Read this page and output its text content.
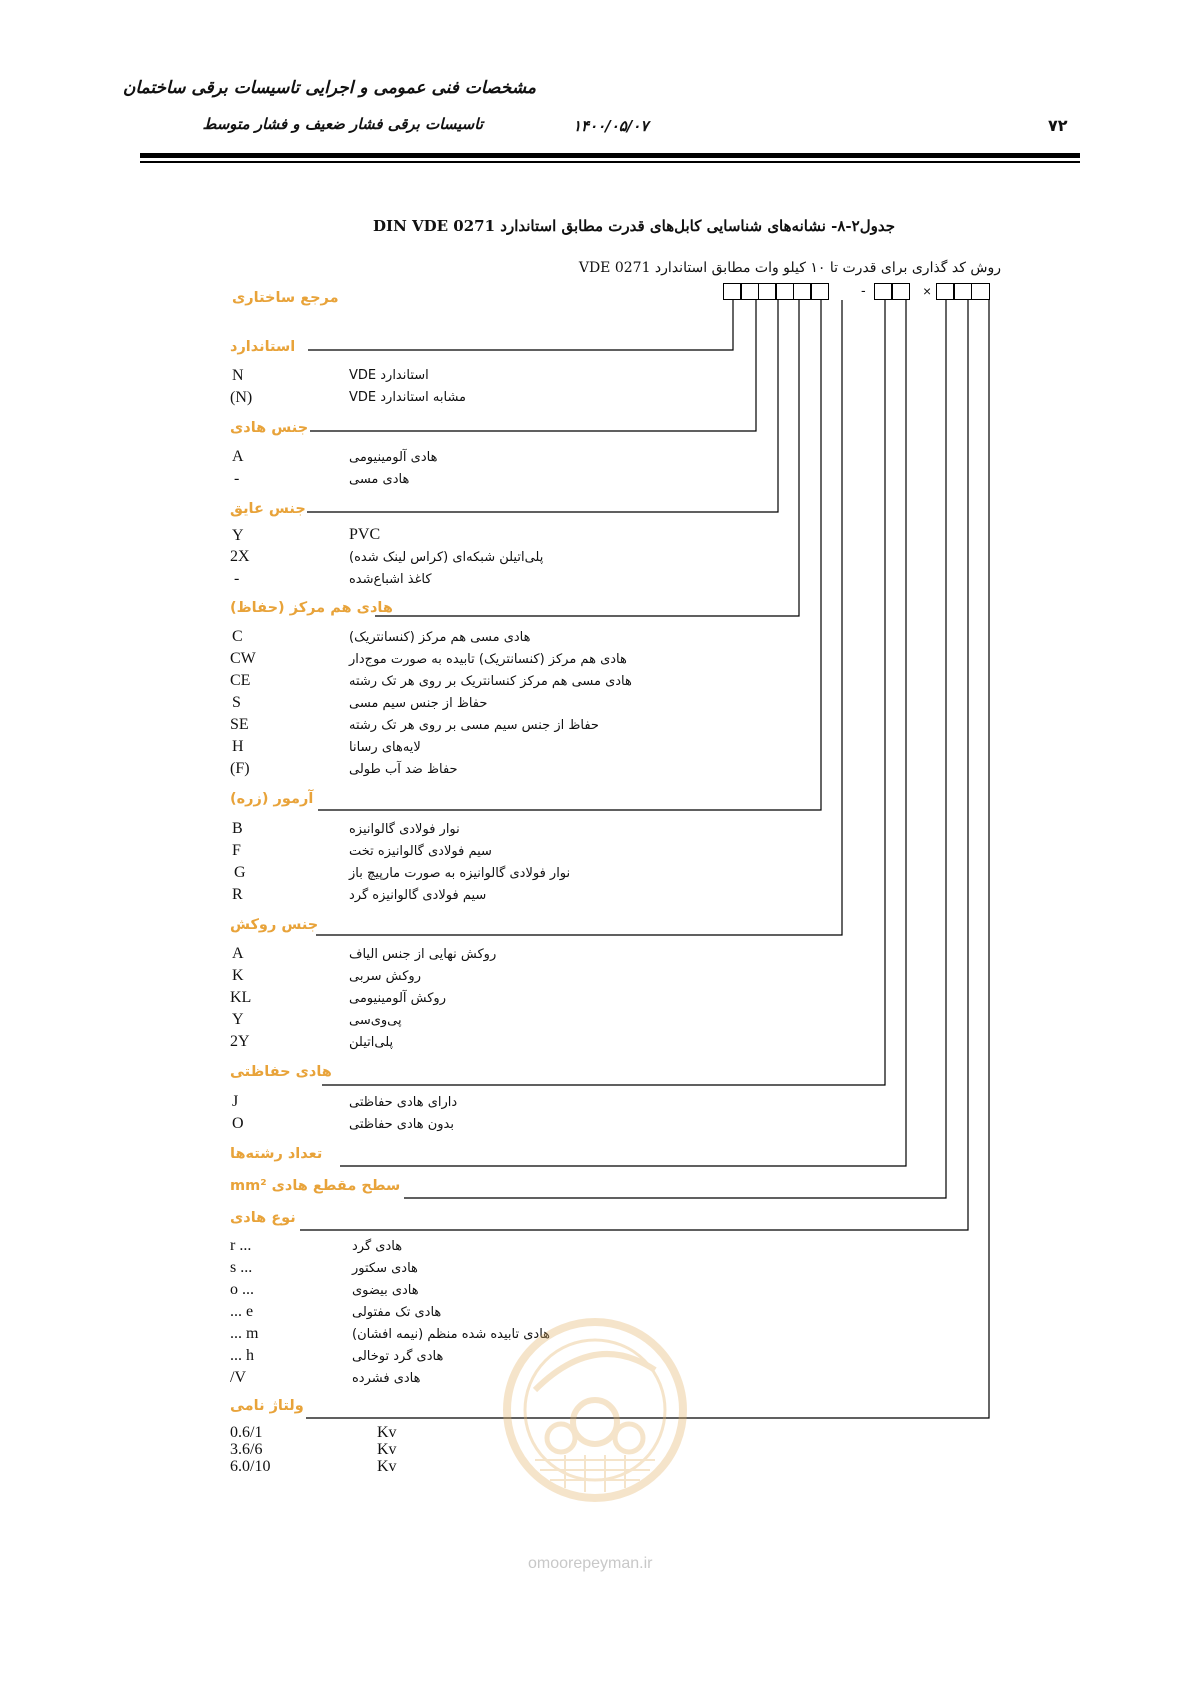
مشخصات فنی عمومی و اجرایی تاسیسات برقی ساختمان
تاسیسات برقی فشار ضعیف و فشار متوسط	۱۴۰۰/۰۵/۰۷	۷۲
جدول۲-۸- نشانه‌های شناسایی کابل‌های قدرت مطابق استاندارد DIN VDE 0271
روش کد گذاری برای قدرت تا ۱۰ کیلو وات مطابق استاندارد VDE 0271
-	×
مرجع ساختاری
استاندارد
N	استاندارد VDE
(N)	مشابه استاندارد VDE
جنس هادی
A	هادی آلومینیومی
-	هادی مسی
جنس عایق
Y	PVC
2X	پلی‌اتیلن شبکه‌ای (کراس لینک شده)
-	کاغذ اشباع‌شده
هادی هم مرکز (حفاظ)
C	هادی مسی هم مرکز (کنسانتریک)
CW	هادی هم مرکز (کنسانتریک) تابیده به صورت موج‌دار
CE	هادی مسی هم مرکز کنسانتریک بر روی هر تک رشته
S	حفاظ از جنس سیم مسی
SE	حفاظ از جنس سیم مسی بر روی هر تک رشته
H	لایه‌های رسانا
(F)	حفاظ ضد آب طولی
آرمور (زره)
B	نوار فولادی گالوانیزه
F	سیم فولادی گالوانیزه تخت
G	نوار فولادی گالوانیزه به صورت مارپیچ باز
R	سیم فولادی گالوانیزه گرد
جنس روکش
A	روکش نهایی از جنس الیاف
K	روکش سربی
KL	روکش آلومینیومی
Y	پی‌وی‌سی
2Y	پلی‌اتیلن
هادی حفاظتی
J	دارای هادی حفاظتی
O	بدون هادی حفاظتی
تعداد رشته‌ها
سطح مقطع هادی mm²
نوع هادی
r ...	هادی گرد
s ...	هادی سکتور
o ...	هادی بیضوی
... e	هادی تک مفتولی
... m	هادی تابیده شده منظم (نیمه افشان)
... h	هادی گرد توخالی
/V	هادی فشرده
ولتاژ نامی
0.6/1	Kv
3.6/6	Kv
6.0/10	Kv
omoorepeyman.ir
